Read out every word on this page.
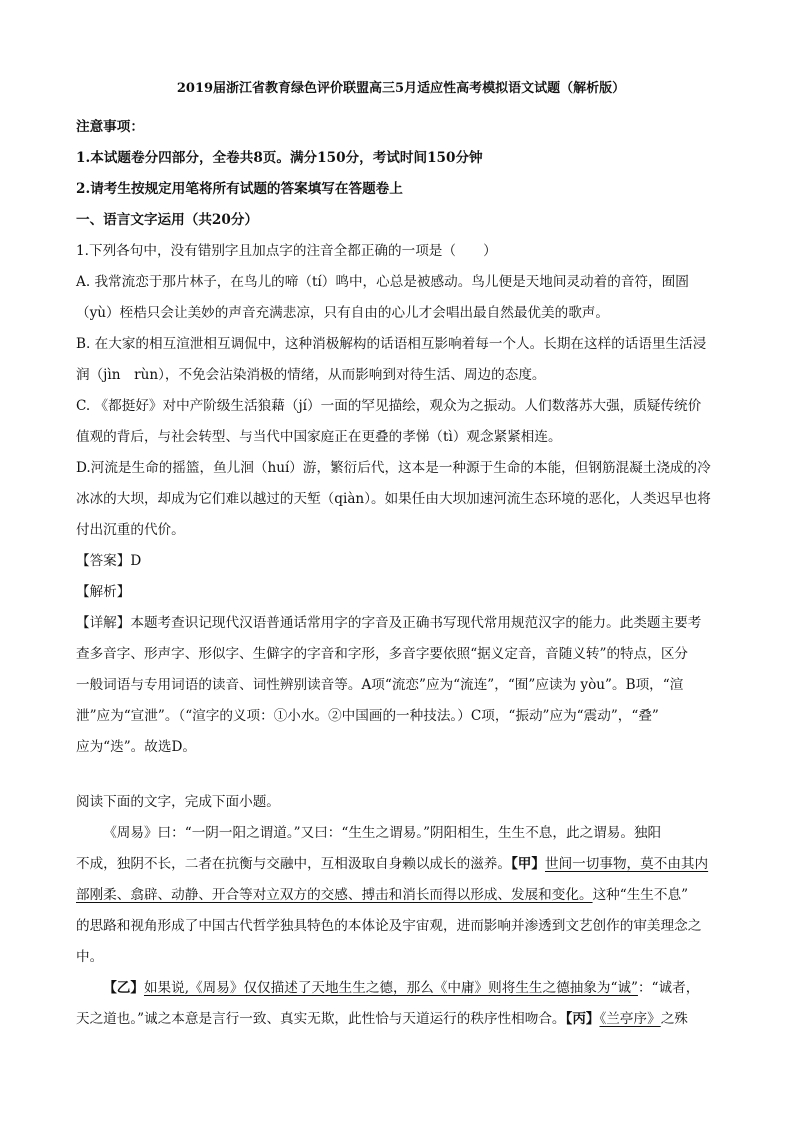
2019届浙江省教育绿色评价联盟高三5月适应性高考模拟语文试题（解析版）

注意事项：

1.本试题卷分四部分，全卷共8页。满分150分，考试时间150分钟

2.请考生按规定用笔将所有试题的答案填写在答题卷上

一、语言文字运用（共20分）

1.下列各句中，没有错别字且加点字的注音全都正确的一项是（　　）

A. 我常流恋于那片林子，在鸟儿的啼（tí）鸣中，心总是被感动。鸟儿便是天地间灵动着的音符，囿圄

（yù）桎梏只会让美妙的声音充满悲凉，只有自由的心儿才会唱出最自然最优美的歌声。

B. 在大家的相互渲泄相互调侃中，这种消极解构的话语相互影响着每一个人。长期在这样的话语里生活浸

润（jìn　rùn），不免会沾染消极的情绪，从而影响到对待生活、周边的态度。

C. 《都挺好》对中产阶级生活狼藉（jí）一面的罕见描绘，观众为之振动。人们数落苏大强，质疑传统价

值观的背后，与社会转型、与当代中国家庭正在更叠的孝悌（tì）观念紧紧相连。

D.河流是生命的摇篮，鱼儿洄（huí）游，繁衍后代，这本是一种源于生命的本能，但钢筋混凝土浇成的冷

冰冰的大坝，却成为它们难以越过的天堑（qiàn）。如果任由大坝加速河流生态环境的恶化，人类迟早也将

付出沉重的代价。

【答案】D

【解析】

【详解】本题考查识记现代汉语普通话常用字的字音及正确书写现代常用规范汉字的能力。此类题主要考

查多音字、形声字、形似字、生僻字的字音和字形，多音字要依照“据义定音，音随义转”的特点，区分

一般词语与专用词语的读音、词性辨别读音等。A项“流恋”应为“流连”，“囿”应读为 yòu”。B项，“渲

泄”应为“宣泄”。（“渲字的义项：①小水。②中国画的一种技法。）C项，“振动”应为“震动”，“叠”

应为“迭”。故选D。

阅读下面的文字，完成下面小题。

《周易》曰：“一阴一阳之谓道。”又曰：“生生之谓易。”阴阳相生，生生不息，此之谓易。独阳

不成，独阴不长，二者在抗衡与交融中，互相汲取自身赖以成长的滋养。【甲】世间一切事物，莫不由其内

部刚柔、翕辟、动静、开合等对立双方的交感、搏击和消长而得以形成、发展和变化。这种“生生不息”

的思路和视角形成了中国古代哲学独具特色的本体论及宇宙观，进而影响并渗透到文艺创作的审美理念之

中。

【乙】如果说,《周易》仅仅描述了天地生生之德，那么《中庸》则将生生之德抽象为“诚”：“诚者，

天之道也。”诚之本意是言行一致、真实无欺，此性恰与天道运行的秩序性相吻合。【丙】《兰亭序》之殊
